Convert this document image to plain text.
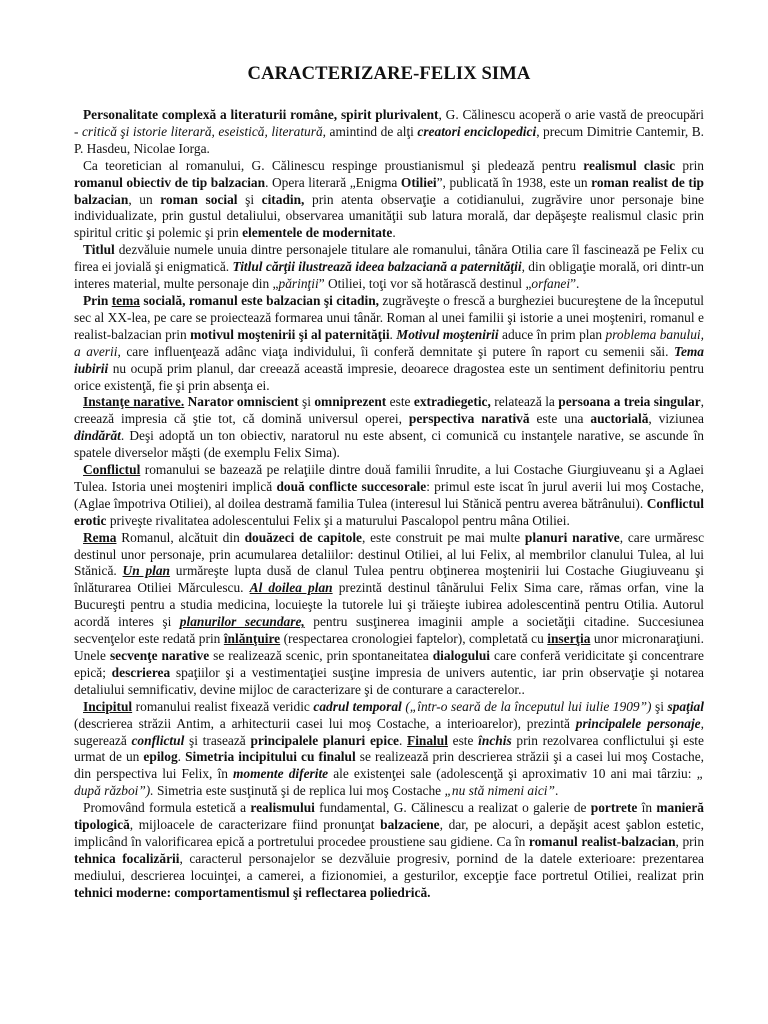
CARACTERIZARE-FELIX SIMA

Personalitate complexă a literaturii române, spirit plurivalent, G. Călinescu acoperă o arie vastă de preocupări - critică şi istorie literară, eseistică, literatură, amintind de alţi creatori enciclopedici, precum Dimitrie Cantemir, B. P. Hasdeu, Nicolae Iorga.

Ca teoretician al romanului, G. Călinescu respinge proustianismul şi pledează pentru realismul clasic prin romanul obiectiv de tip balzacian. Opera literară „Enigma Otiliei”, publicată în 1938, este un roman realist de tip balzacian, un roman social şi citadin, prin atenta observaţie a cotidianului, zugrăvire unor personaje bine individualizate, prin gustul detaliului, observarea umanităţii sub latura morală, dar depăşeşte realismul clasic prin spiritul critic şi polemic şi prin elementele de modernitate.

Titlul dezvăluie numele unuia dintre personajele titulare ale romanului, tânăra Otilia care îl fascinează pe Felix cu firea ei jovială şi enigmatică. Titlul cărţii ilustrează ideea balzaciană a paternităţii, din obligaţie morală, ori dintr-un interes material, multe personaje din „părinţii” Otiliei, toţi vor să hotărască destinul „orfanei”.

Prin tema socială, romanul este balzacian şi citadin, zugrăveşte o frescă a burgheziei bucureştene de la începutul sec al XX-lea, pe care se proiectează formarea unui tânăr. Roman al unei familii şi istorie a unei moşteniri, romanul e realist-balzacian prin motivul moştenirii şi al paternităţii. Motivul moştenirii aduce în prim plan problema banului, a averii, care influenţează adânc viaţa individului, îi conferă demnitate şi putere în raport cu semenii săi. Tema iubirii nu ocupă prim planul, dar creează această impresie, deoarece dragostea este un sentiment definitoriu pentru orice existenţă, fie şi prin absenţa ei.

Instanţe narative. Narator omniscient şi omniprezent este extradiegetic, relatează la persoana a treia singular, creează impresia că ştie tot, că domină universul operei, perspectiva narativă este una auctorială, viziunea dindărăt. Deşi adoptă un ton obiectiv, naratorul nu este absent, ci comunică cu instanţele narative, se ascunde în spatele diverselor măşti (de exemplu Felix Sima).

Conflictul romanului se bazează pe relaţiile dintre două familii înrudite, a lui Costache Giurgiuveanu şi a Aglaei Tulea. Istoria unei moşteniri implică două conflicte succesorale: primul este iscat în jurul averii lui moş Costache, (Aglae împotriva Otiliei), al doilea destramă familia Tulea (interesul lui Stănică pentru averea bătrânului). Conflictul erotic priveşte rivalitatea adolescentului Felix şi a maturului Pascalopol pentru mâna Otiliei.

Rema Romanul, alcătuit din douăzeci de capitole, este construit pe mai multe planuri narative, care urmăresc destinul unor personaje, prin acumularea detaliilor: destinul Otiliei, al lui Felix, al membrilor clanului Tulea, al lui Stănică. Un plan urmăreşte lupta dusă de clanul Tulea pentru obţinerea moştenirii lui Costache Giugiuveanu şi înlăturarea Otiliei Mărculescu. Al doilea plan prezintă destinul tânărului Felix Sima care, rămas orfan, vine la Bucureşti pentru a studia medicina, locuieşte la tutorele lui şi trăieşte iubirea adolescentină pentru Otilia. Autorul acordă interes şi planurilor secundare, pentru susţinerea imaginii ample a societăţii citadine. Succesiunea secvenţelor este redată prin înlănţuire (respectarea cronologiei faptelor), completată cu inserţia unor micronaraţiuni. Unele secvenţe narative se realizează scenic, prin spontaneitatea dialogului care conferă veridicitate şi concentrare epică; descrierea spaţiilor şi a vestimentaţiei susţine impresia de univers autentic, iar prin observaţie şi notarea detaliului semnificativ, devine mijloc de caracterizare şi de conturare a caracterelor..

Incipitul romanului realist fixează veridic cadrul temporal („într-o seară de la începutul lui iulie 1909”) şi spaţial (descrierea străzii Antim, a arhitecturii casei lui moş Costache, a interioarelor), prezintă principalele personaje, sugerează conflictul şi trasează principalele planuri epice. Finalul este închis prin rezolvarea conflictului şi este urmat de un epilog. Simetria incipitului cu finalul se realizează prin descrierea străzii şi a casei lui moş Costache, din perspectiva lui Felix, în momente diferite ale existenţei sale (adolescenţă şi aproximativ 10 ani mai târziu: „ după război”). Simetria este susţinută şi de replica lui moş Costache „nu stă nimeni aici”.

Promovând formula estetică a realismului fundamental, G. Călinescu a realizat o galerie de portrete în manieră tipologică, mijloacele de caracterizare fiind pronunţat balzaciene, dar, pe alocuri, a depăşit acest şablon estetic, implicând în valorificarea epică a portretului procedee proustiene sau gidiene. Ca în romanul realist-balzacian, prin tehnica focalizării, caracterul personajelor se dezvăluie progresiv, pornind de la datele exterioare: prezentarea mediului, descrierea locuinţei, a camerei, a fizionomiei, a gesturilor, excepţie face portretul Otiliei, realizat prin tehnici moderne: comportamentismul şi reflectarea poliedrică.
